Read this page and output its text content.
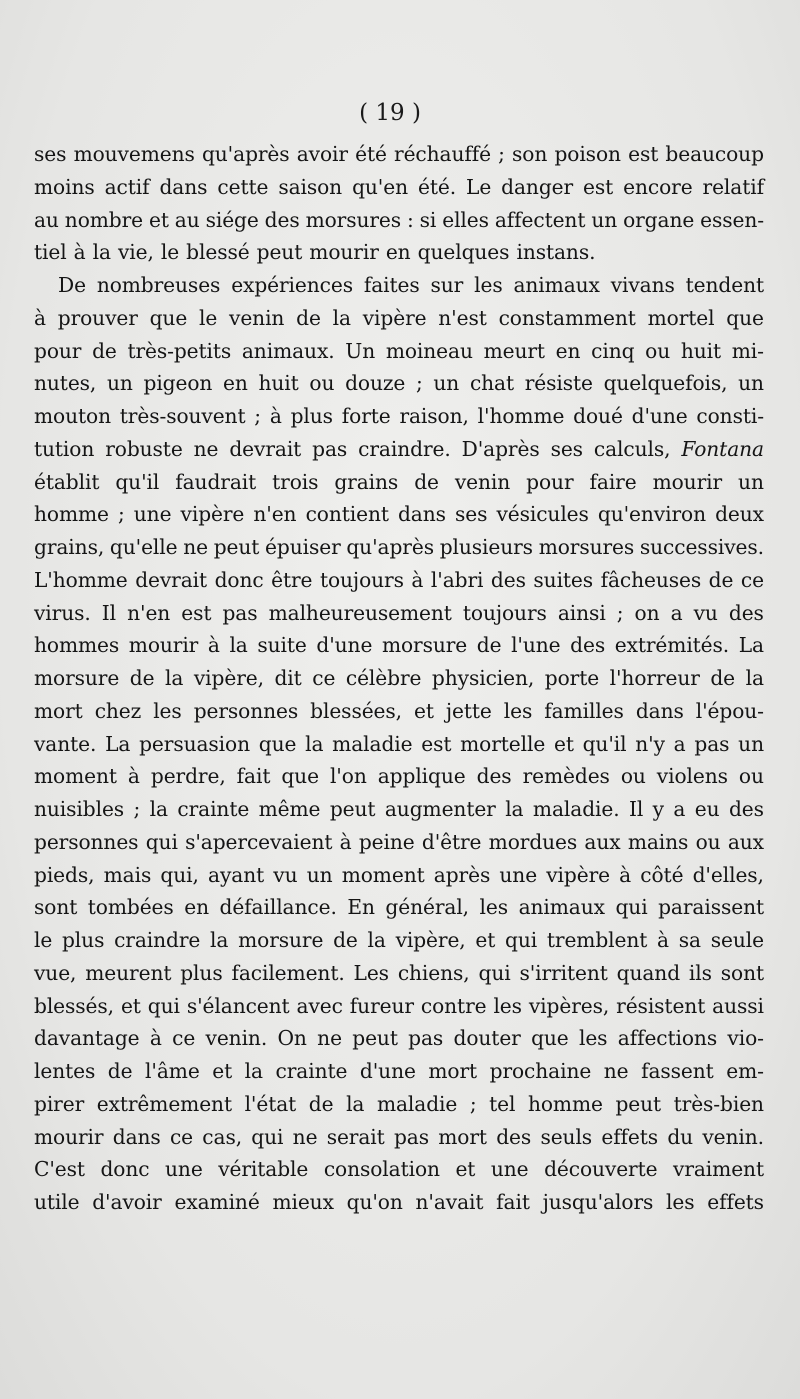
( 19 )
ses mouvemens qu'après avoir été réchauffé ; son poison est beaucoup
moins actif dans cette saison qu'en été. Le danger est encore relatif
au nombre et au siége des morsures : si elles affectent un organe essen-
tiel à la vie, le blessé peut mourir en quelques instans.
De nombreuses expériences faites sur les animaux vivans tendent
à prouver que le venin de la vipère n'est constamment mortel que
pour de très-petits animaux. Un moineau meurt en cinq ou huit mi-
nutes, un pigeon en huit ou douze ; un chat résiste quelquefois, un
mouton très-souvent ; à plus forte raison, l'homme doué d'une consti-
tution robuste ne devrait pas craindre. D'après ses calculs, Fontana
établit qu'il faudrait trois grains de venin pour faire mourir un
homme ; une vipère n'en contient dans ses vésicules qu'environ deux
grains, qu'elle ne peut épuiser qu'après plusieurs morsures successives.
L'homme devrait donc être toujours à l'abri des suites fâcheuses de ce
virus. Il n'en est pas malheureusement toujours ainsi ; on a vu des
hommes mourir à la suite d'une morsure de l'une des extrémités. La
morsure de la vipère, dit ce célèbre physicien, porte l'horreur de la
mort chez les personnes blessées, et jette les familles dans l'épou-
vante. La persuasion que la maladie est mortelle et qu'il n'y a pas un
moment à perdre, fait que l'on applique des remèdes ou violens ou
nuisibles ; la crainte même peut augmenter la maladie. Il y a eu des
personnes qui s'apercevaient à peine d'être mordues aux mains ou aux
pieds, mais qui, ayant vu un moment après une vipère à côté d'elles,
sont tombées en défaillance. En général, les animaux qui paraissent
le plus craindre la morsure de la vipère, et qui tremblent à sa seule
vue, meurent plus facilement. Les chiens, qui s'irritent quand ils sont
blessés, et qui s'élancent avec fureur contre les vipères, résistent aussi
davantage à ce venin. On ne peut pas douter que les affections vio-
lentes de l'âme et la crainte d'une mort prochaine ne fassent em-
pirer extrêmement l'état de la maladie ; tel homme peut très-bien
mourir dans ce cas, qui ne serait pas mort des seuls effets du venin.
C'est donc une véritable consolation et une découverte vraiment
utile d'avoir examiné mieux qu'on n'avait fait jusqu'alors les effets
